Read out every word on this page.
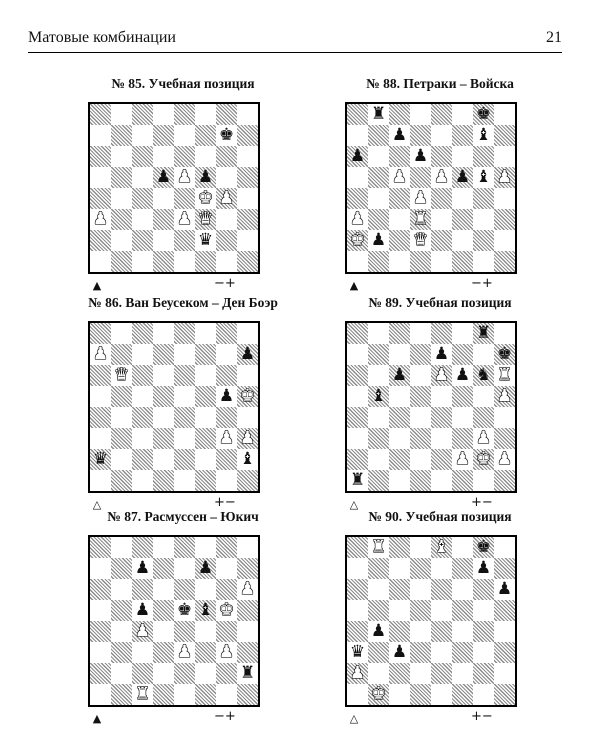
Матовые комбинации	21
№ 85. Учебная позиция
♚
♟ ♟ ♟
♚ ♟
♟	♟ ♛
♛
▲	−+
№ 88. Петраки – Войска
♜	♚
♟	♝
♟	♟
♟ ♟ ♟ ♝ ♟
♟
♟	♜
♚ ♟ ♛
▲	−+
№ 86. Ван Беусеком – Ден Боэр
♟	♟
♛
♟ ♚
♟ ♟
♛	♝
△	+−
№ 89. Учебная позиция
♜
♟	♚
♟ ♟ ♟ ♞ ♜
♝	♟
♟
♟ ♚ ♟
♜
△	+−
№ 87. Расмуссен – Юкич
♟	♟
♟
♟ ♚ ♝ ♚
♟
♟ ♟
♜
♜
▲	−+
№ 90. Учебная позиция
♜	♝ ♚
♟
♟
♟
♛ ♟
♟
♚
△	+−
